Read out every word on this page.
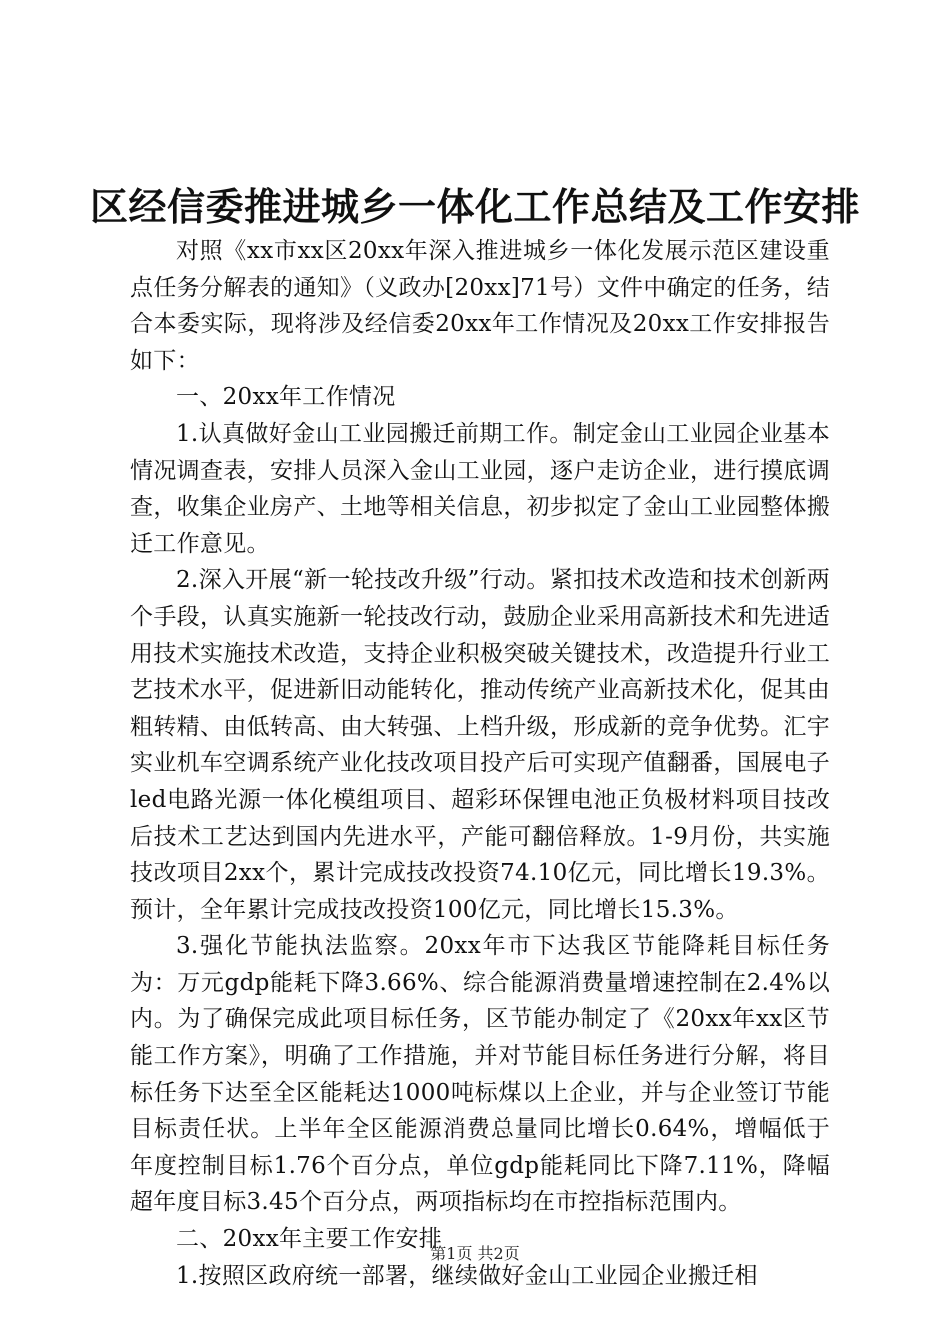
区经信委推进城乡一体化工作总结及工作安排

对照《xx市xx区20xx年深入推进城乡一体化发展示范区建设重点任务分解表的通知》（义政办[20xx]71号）文件中确定的任务，结合本委实际，现将涉及经信委20xx年工作情况及20xx工作安排报告如下：

一、20xx年工作情况

1.认真做好金山工业园搬迁前期工作。制定金山工业园企业基本情况调查表，安排人员深入金山工业园，逐户走访企业，进行摸底调查，收集企业房产、土地等相关信息，初步拟定了金山工业园整体搬迁工作意见。

2.深入开展“新一轮技改升级”行动。紧扣技术改造和技术创新两个手段，认真实施新一轮技改行动，鼓励企业采用高新技术和先进适用技术实施技术改造，支持企业积极突破关键技术，改造提升行业工艺技术水平，促进新旧动能转化，推动传统产业高新技术化，促其由粗转精、由低转高、由大转强、上档升级，形成新的竞争优势。汇宇实业机车空调系统产业化技改项目投产后可实现产值翻番，国展电子led电路光源一体化模组项目、超彩环保锂电池正负极材料项目技改后技术工艺达到国内先进水平，产能可翻倍释放。1-9月份，共实施技改项目2xx个，累计完成技改投资74.10亿元，同比增长19.3%。预计，全年累计完成技改投资100亿元，同比增长15.3%。

3.强化节能执法监察。20xx年市下达我区节能降耗目标任务为：万元gdp能耗下降3.66%、综合能源消费量增速控制在2.4%以内。为了确保完成此项目标任务，区节能办制定了《20xx年xx区节能工作方案》，明确了工作措施，并对节能目标任务进行分解，将目标任务下达至全区能耗达1000吨标煤以上企业，并与企业签订节能目标责任状。上半年全区能源消费总量同比增长0.64%，增幅低于年度控制目标1.76个百分点，单位gdp能耗同比下降7.11%，降幅超年度目标3.45个百分点，两项指标均在市控指标范围内。

二、20xx年主要工作安排

1.按照区政府统一部署，继续做好金山工业园企业搬迁相

第1页 共2页
